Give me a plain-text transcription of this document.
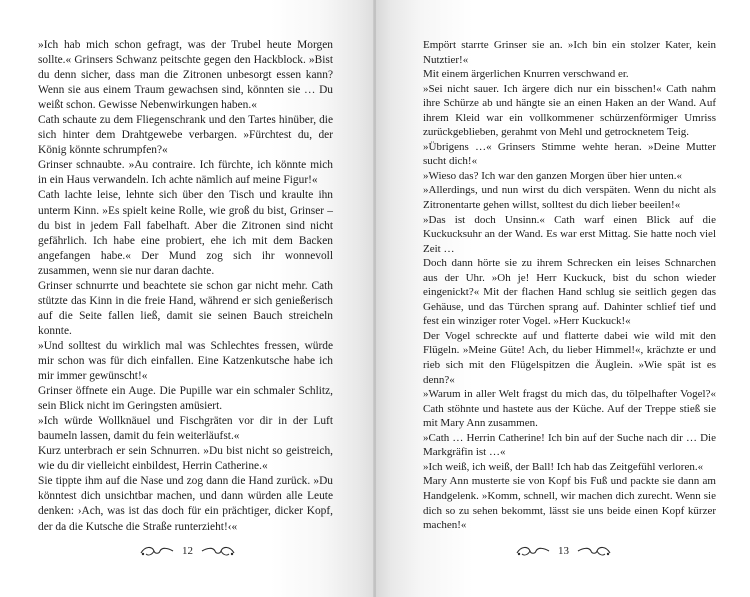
»Ich hab mich schon gefragt, was der Trubel heute Morgen sollte.« Grinsers Schwanz peitschte gegen den Hackblock. »Bist du denn sicher, dass man die Zitronen unbesorgt essen kann? Wenn sie aus einem Traum gewachsen sind, könnten sie … Du weißt schon. Gewisse Nebenwirkungen haben.«

Cath schaute zu dem Fliegenschrank und den Tartes hinüber, die sich hinter dem Drahtgewebe verbargen. »Fürchtest du, der König könnte schrumpfen?«

Grinser schnaubte. »Au contraire. Ich fürchte, ich könnte mich in ein Haus verwandeln. Ich achte nämlich auf meine Figur!«

Cath lachte leise, lehnte sich über den Tisch und kraulte ihn unterm Kinn. »Es spielt keine Rolle, wie groß du bist, Grinser – du bist in jedem Fall fabelhaft. Aber die Zitronen sind nicht gefährlich. Ich habe eine probiert, ehe ich mit dem Backen angefangen habe.« Der Mund zog sich ihr wonnevoll zusammen, wenn sie nur daran dachte.

Grinser schnurrte und beachtete sie schon gar nicht mehr. Cath stützte das Kinn in die freie Hand, während er sich genießerisch auf die Seite fallen ließ, damit sie seinen Bauch streicheln konnte.

»Und solltest du wirklich mal was Schlechtes fressen, würde mir schon was für dich einfallen. Eine Katzenkutsche habe ich mir immer gewünscht!«

Grinser öffnete ein Auge. Die Pupille war ein schmaler Schlitz, sein Blick nicht im Geringsten amüsiert.

»Ich würde Wollknäuel und Fischgräten vor dir in der Luft baumeln lassen, damit du fein weiterläufst.«

Kurz unterbrach er sein Schnurren. »Du bist nicht so geistreich, wie du dir vielleicht einbildest, Herrin Catherine.«

Sie tippte ihm auf die Nase und zog dann die Hand zurück. »Du könntest dich unsichtbar machen, und dann würden alle Leute denken: ›Ach, was ist das doch für ein prächtiger, dicker Kopf, der da die Kutsche die Straße runterzieht!‹«

12

Empört starrte Grinser sie an. »Ich bin ein stolzer Kater, kein Nutztier!«

Mit einem ärgerlichen Knurren verschwand er.

»Sei nicht sauer. Ich ärgere dich nur ein bisschen!« Cath nahm ihre Schürze ab und hängte sie an einen Haken an der Wand. Auf ihrem Kleid war ein vollkommener schürzenförmiger Umriss zurückgeblieben, gerahmt von Mehl und getrocknetem Teig.

»Übrigens …« Grinsers Stimme wehte heran. »Deine Mutter sucht dich!«

»Wieso das? Ich war den ganzen Morgen über hier unten.«

»Allerdings, und nun wirst du dich verspäten. Wenn du nicht als Zitronentarte gehen willst, solltest du dich lieber beeilen!«

»Das ist doch Unsinn.« Cath warf einen Blick auf die Kuckucksuhr an der Wand. Es war erst Mittag. Sie hatte noch viel Zeit …

Doch dann hörte sie zu ihrem Schrecken ein leises Schnarchen aus der Uhr. »Oh je! Herr Kuckuck, bist du schon wieder eingenickt?« Mit der flachen Hand schlug sie seitlich gegen das Gehäuse, und das Türchen sprang auf. Dahinter schlief tief und fest ein winziger roter Vogel. »Herr Kuckuck!«

Der Vogel schreckte auf und flatterte dabei wie wild mit den Flügeln. »Meine Güte! Ach, du lieber Himmel!«, krächzte er und rieb sich mit den Flügelspitzen die Äuglein. »Wie spät ist es denn?«

»Warum in aller Welt fragst du mich das, du tölpelhafter Vogel?« Cath stöhnte und hastete aus der Küche. Auf der Treppe stieß sie mit Mary Ann zusammen.

»Cath … Herrin Catherine! Ich bin auf der Suche nach dir … Die Markgräfin ist …«

»Ich weiß, ich weiß, der Ball! Ich hab das Zeitgefühl verloren.«

Mary Ann musterte sie von Kopf bis Fuß und packte sie dann am Handgelenk. »Komm, schnell, wir machen dich zurecht. Wenn sie dich so zu sehen bekommt, lässt sie uns beide einen Kopf kürzer machen!«

13
